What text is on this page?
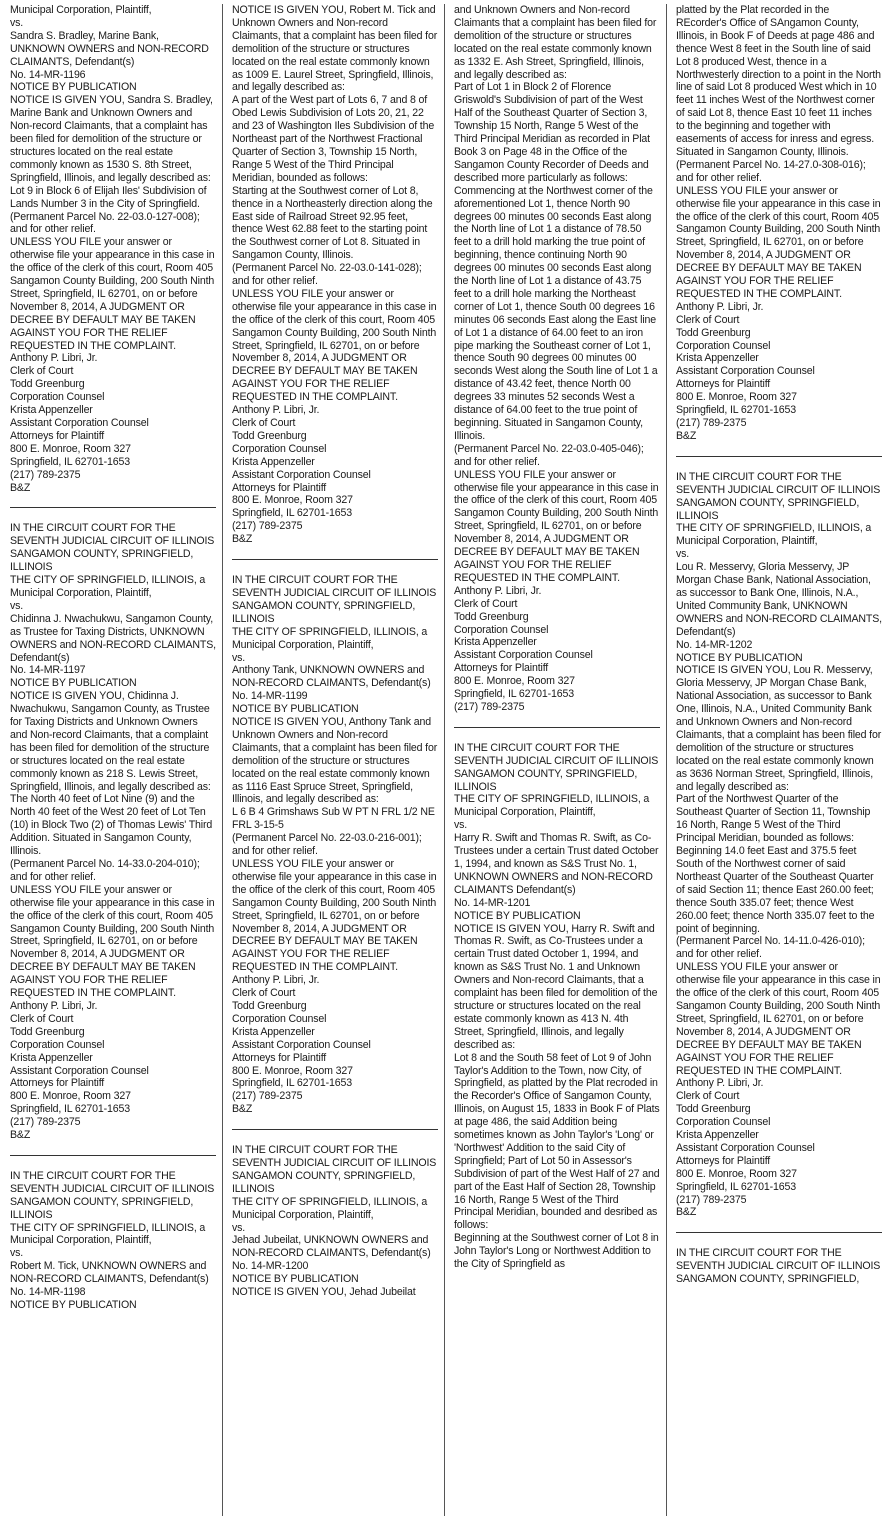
Municipal Corporation, Plaintiff,
vs.
Sandra S. Bradley, Marine Bank, UNKNOWN OWNERS and NON-RECORD CLAIMANTS, Defendant(s)
No. 14-MR-1196
NOTICE BY PUBLICATION
NOTICE IS GIVEN YOU, Sandra S. Bradley, Marine Bank and Unknown Owners and Non-record Claimants, that a complaint has been filed for demolition of the structure or structures located on the real estate commonly known as 1530 S. 8th Street, Springfield, Illinois, and legally described as:
Lot 9 in Block 6 of Elijah Iles' Subdivision of Lands Number 3 in the City of Springfield.
(Permanent Parcel No. 22-03.0-127-008); and for other relief.
UNLESS YOU FILE your answer or otherwise file your appearance in this case in the office of the clerk of this court, Room 405 Sangamon County Building, 200 South Ninth Street, Springfield, IL 62701, on or before November 8, 2014, A JUDGMENT OR DECREE BY DEFAULT MAY BE TAKEN AGAINST YOU FOR THE RELIEF REQUESTED IN THE COMPLAINT.
Anthony P. Libri, Jr.
Clerk of Court
Todd Greenburg
Corporation Counsel
Krista Appenzeller
Assistant Corporation Counsel
Attorneys for Plaintiff
800 E. Monroe, Room 327
Springfield, IL 62701-1653
(217) 789-2375
B&Z

IN THE CIRCUIT COURT FOR THE SEVENTH JUDICIAL CIRCUIT OF ILLINOIS SANGAMON COUNTY, SPRINGFIELD, ILLINOIS
THE CITY OF SPRINGFIELD, ILLINOIS, a Municipal Corporation, Plaintiff,
vs.
Chidinna J. Nwachukwu, Sangamon County, as Trustee for Taxing Districts, UNKNOWN OWNERS and NON-RECORD CLAIMANTS, Defendant(s)
No. 14-MR-1197
NOTICE BY PUBLICATION
NOTICE IS GIVEN YOU, Chidinna J. Nwachukwu, Sangamon County, as Trustee for Taxing Districts and Unknown Owners and Non-record Claimants, that a complaint has been filed for demolition of the structure or structures located on the real estate commonly known as 218 S. Lewis Street, Springfield, Illinois, and legally described as:
The North 40 feet of Lot Nine (9) and the North 40 feet of the West 20 feet of Lot Ten (10) in Block Two (2) of Thomas Lewis' Third Addition. Situated in Sangamon County, Illinois.
(Permanent Parcel No. 14-33.0-204-010); and for other relief.
UNLESS YOU FILE your answer or otherwise file your appearance in this case in the office of the clerk of this court, Room 405 Sangamon County Building, 200 South Ninth Street, Springfield, IL 62701, on or before November 8, 2014, A JUDGMENT OR DECREE BY DEFAULT MAY BE TAKEN AGAINST YOU FOR THE RELIEF REQUESTED IN THE COMPLAINT.
Anthony P. Libri, Jr.
Clerk of Court
Todd Greenburg
Corporation Counsel
Krista Appenzeller
Assistant Corporation Counsel
Attorneys for Plaintiff
800 E. Monroe, Room 327
Springfield, IL 62701-1653
(217) 789-2375
B&Z

IN THE CIRCUIT COURT FOR THE SEVENTH JUDICIAL CIRCUIT OF ILLINOIS SANGAMON COUNTY, SPRINGFIELD, ILLINOIS
THE CITY OF SPRINGFIELD, ILLINOIS, a Municipal Corporation, Plaintiff,
vs.
Robert M. Tick, UNKNOWN OWNERS and NON-RECORD CLAIMANTS, Defendant(s)
No. 14-MR-1198
NOTICE BY PUBLICATION

NOTICE IS GIVEN YOU, Robert M. Tick and Unknown Owners and Non-record Claimants, that a complaint has been filed for demolition of the structure or structures located on the real estate commonly known as 1009 E. Laurel Street, Springfield, Illinois, and legally described as:
A part of the West part of Lots 6, 7 and 8 of Obed Lewis Subdivision of Lots 20, 21, 22 and 23 of Washington Iles Subdivision of the Northeast part of the Northwest Fractional Quarter of Section 3, Township 15 North, Range 5 West of the Third Principal Meridian, bounded as follows:
Starting at the Southwest corner of Lot 8, thence in a Northeasterly direction along the East side of Railroad Street 92.95 feet, thence West 62.88 feet to the starting point the Southwest corner of Lot 8. Situated in Sangamon County, Illinois.
(Permanent Parcel No. 22-03.0-141-028); and for other relief.
UNLESS YOU FILE your answer or otherwise file your appearance in this case in the office of the clerk of this court, Room 405 Sangamon County Building, 200 South Ninth Street, Springfield, IL 62701, on or before November 8, 2014, A JUDGMENT OR DECREE BY DEFAULT MAY BE TAKEN AGAINST YOU FOR THE RELIEF REQUESTED IN THE COMPLAINT.
Anthony P. Libri, Jr.
Clerk of Court
Todd Greenburg
Corporation Counsel
Krista Appenzeller
Assistant Corporation Counsel
Attorneys for Plaintiff
800 E. Monroe, Room 327
Springfield, IL 62701-1653
(217) 789-2375
B&Z

IN THE CIRCUIT COURT FOR THE SEVENTH JUDICIAL CIRCUIT OF ILLINOIS SANGAMON COUNTY, SPRINGFIELD, ILLINOIS
THE CITY OF SPRINGFIELD, ILLINOIS, a Municipal Corporation, Plaintiff,
vs.
Anthony Tank, UNKNOWN OWNERS and NON-RECORD CLAIMANTS, Defendant(s)
No. 14-MR-1199
NOTICE BY PUBLICATION
NOTICE IS GIVEN YOU, Anthony Tank and Unknown Owners and Non-record Claimants, that a complaint has been filed for demolition of the structure or structures located on the real estate commonly known as 1116 East Spruce Street, Springfield, Illinois, and legally described as:
L 6 B 4 Grimshaws Sub W PT N FRL 1/2 NE FRL 3-15-5
(Permanent Parcel No. 22-03.0-216-001); and for other relief.
UNLESS YOU FILE your answer or otherwise file your appearance in this case in the office of the clerk of this court, Room 405 Sangamon County Building, 200 South Ninth Street, Springfield, IL 62701, on or before November 8, 2014, A JUDGMENT OR DECREE BY DEFAULT MAY BE TAKEN AGAINST YOU FOR THE RELIEF REQUESTED IN THE COMPLAINT.
Anthony P. Libri, Jr.
Clerk of Court
Todd Greenburg
Corporation Counsel
Krista Appenzeller
Assistant Corporation Counsel
Attorneys for Plaintiff
800 E. Monroe, Room 327
Springfield, IL 62701-1653
(217) 789-2375
B&Z

IN THE CIRCUIT COURT FOR THE SEVENTH JUDICIAL CIRCUIT OF ILLINOIS SANGAMON COUNTY, SPRINGFIELD, ILLINOIS
THE CITY OF SPRINGFIELD, ILLINOIS, a Municipal Corporation, Plaintiff,
vs.
Jehad Jubeilat, UNKNOWN OWNERS and NON-RECORD CLAIMANTS, Defendant(s)
No. 14-MR-1200
NOTICE BY PUBLICATION
NOTICE IS GIVEN YOU, Jehad Jubeilat

and Unknown Owners and Non-record Claimants that a complaint has been filed for demolition of the structure or structures located on the real estate commonly known as 1332 E. Ash Street, Springfield, Illinois, and legally described as:
Part of Lot 1 in Block 2 of Florence Griswold's Subdivision of part of the West Half of the Southeast Quarter of Section 3, Township 15 North, Range 5 West of the Third Principal Meridian as recorded in Plat Book 3 on Page 48 in the Office of the Sangamon County Recorder of Deeds and described more particularly as follows: Commencing at the Northwest corner of the aforementioned Lot 1, thence North 90 degrees 00 minutes 00 seconds East along the North line of Lot 1 a distance of 78.50 feet to a drill hold marking the true point of beginning, thence continuing North 90 degrees 00 minutes 00 seconds East along the North line of Lot 1 a distance of 43.75 feet to a drill hole marking the Northeast corner of Lot 1, thence South 00 degrees 16 minutes 06 seconds East along the East line of Lot 1 a distance of 64.00 feet to an iron pipe marking the Southeast corner of Lot 1, thence South 90 degrees 00 minutes 00 seconds West along the South line of Lot 1 a distance of 43.42 feet, thence North 00 degrees 33 minutes 52 seconds West a distance of 64.00 feet to the true point of beginning. Situated in Sangamon County, Illinois.
(Permanent Parcel No. 22-03.0-405-046); and for other relief.
UNLESS YOU FILE your answer or otherwise file your appearance in this case in the office of the clerk of this court, Room 405 Sangamon County Building, 200 South Ninth Street, Springfield, IL 62701, on or before November 8, 2014, A JUDGMENT OR DECREE BY DEFAULT MAY BE TAKEN AGAINST YOU FOR THE RELIEF REQUESTED IN THE COMPLAINT.
Anthony P. Libri, Jr.
Clerk of Court
Todd Greenburg
Corporation Counsel
Krista Appenzeller
Assistant Corporation Counsel
Attorneys for Plaintiff
800 E. Monroe, Room 327
Springfield, IL 62701-1653
(217) 789-2375

IN THE CIRCUIT COURT FOR THE SEVENTH JUDICIAL CIRCUIT OF ILLINOIS SANGAMON COUNTY, SPRINGFIELD, ILLINOIS
THE CITY OF SPRINGFIELD, ILLINOIS, a Municipal Corporation, Plaintiff,
vs.
Harry R. Swift and Thomas R. Swift, as Co-Trustees under a certain Trust dated October 1, 1994, and known as S&S Trust No. 1, UNKNOWN OWNERS and NON-RECORD CLAIMANTS Defendant(s)
No. 14-MR-1201
NOTICE BY PUBLICATION
NOTICE IS GIVEN YOU, Harry R. Swift and Thomas R. Swift, as Co-Trustees under a certain Trust dated October 1, 1994, and known as S&S Trust No. 1 and Unknown Owners and Non-record Claimants, that a complaint has been filed for demolition of the structure or structures located on the real estate commonly known as 413 N. 4th Street, Springfield, Illinois, and legally described as:
Lot 8 and the South 58 feet of Lot 9 of John Taylor's Addition to the Town, now City, of Springfield, as platted by the Plat recroded in the Recorder's Office of Sangamon County, Illinois, on August 15, 1833 in Book F of Plats at page 486, the said Addition being sometimes known as John Taylor's 'Long' or 'Northwest' Addition to the said City of Springfield; Part of Lot 50 in Assessor's Subdivision of part of the West Half of 27 and part of the East Half of Section 28, Township 16 North, Range 5 West of the Third Principal Meridian, bounded and desribed as follows:
Beginning at the Southwest corner of Lot 8 in John Taylor's Long or Northwest Addition to the City of Springfield as

platted by the Plat recorded in the REcorder's Office of SAngamon County, Illinois, in Book F of Deeds at page 486 and thence West 8 feet in the South line of said Lot 8 produced West, thence in a Northwesterly direction to a point in the North line of said Lot 8 produced West which in 10 feet 11 inches West of the Northwest corner of said Lot 8, thence East 10 feet 11 inches to the beginning and together with easements of access for inress and egress. Situated in Sangamon County, Illinois.
(Permanent Parcel No. 14-27.0-308-016); and for other relief.
UNLESS YOU FILE your answer or otherwise file your appearance in this case in the office of the clerk of this court, Room 405 Sangamon County Building, 200 South Ninth Street, Springfield, IL 62701, on or before November 8, 2014, A JUDGMENT OR DECREE BY DEFAULT MAY BE TAKEN AGAINST YOU FOR THE RELIEF REQUESTED IN THE COMPLAINT.
Anthony P. Libri, Jr.
Clerk of Court
Todd Greenburg
Corporation Counsel
Krista Appenzeller
Assistant Corporation Counsel
Attorneys for Plaintiff
800 E. Monroe, Room 327
Springfield, IL 62701-1653
(217) 789-2375
B&Z

IN THE CIRCUIT COURT FOR THE SEVENTH JUDICIAL CIRCUIT OF ILLINOIS SANGAMON COUNTY, SPRINGFIELD, ILLINOIS
THE CITY OF SPRINGFIELD, ILLINOIS, a Municipal Corporation, Plaintiff,
vs.
Lou R. Messervy, Gloria Messervy, JP Morgan Chase Bank, National Association, as successor to Bank One, Illinois, N.A., United Community Bank, UNKNOWN OWNERS and NON-RECORD CLAIMANTS, Defendant(s)
No. 14-MR-1202
NOTICE BY PUBLICATION
NOTICE IS GIVEN YOU, Lou R. Messervy, Gloria Messervy, JP Morgan Chase Bank, National Association, as successor to Bank One, Illinois, N.A., United Community Bank and Unknown Owners and Non-record Claimants, that a complaint has been filed for demolition of the structure or structures located on the real estate commonly known as 3636 Norman Street, Springfield, Illinois, and legally described as:
Part of the Northwest Quarter of the Southeast Quarter of Section 11, Township 16 North, Range 5 West of the Third Principal Meridian, bounded as follows: Beginning 14.0 feet East and 375.5 feet South of the Northwest corner of said Northeast Quarter of the Southeast Quarter of said Section 11; thence East 260.00 feet; thence South 335.07 feet; thence West 260.00 feet; thence North 335.07 feet to the point of beginning.
(Permanent Parcel No. 14-11.0-426-010); and for other relief.
UNLESS YOU FILE your answer or otherwise file your appearance in this case in the office of the clerk of this court, Room 405 Sangamon County Building, 200 South Ninth Street, Springfield, IL 62701, on or before November 8, 2014, A JUDGMENT OR DECREE BY DEFAULT MAY BE TAKEN AGAINST YOU FOR THE RELIEF REQUESTED IN THE COMPLAINT.
Anthony P. Libri, Jr.
Clerk of Court
Todd Greenburg
Corporation Counsel
Krista Appenzeller
Assistant Corporation Counsel
Attorneys for Plaintiff
800 E. Monroe, Room 327
Springfield, IL 62701-1653
(217) 789-2375
B&Z

IN THE CIRCUIT COURT FOR THE SEVENTH JUDICIAL CIRCUIT OF ILLINOIS SANGAMON COUNTY, SPRINGFIELD,
